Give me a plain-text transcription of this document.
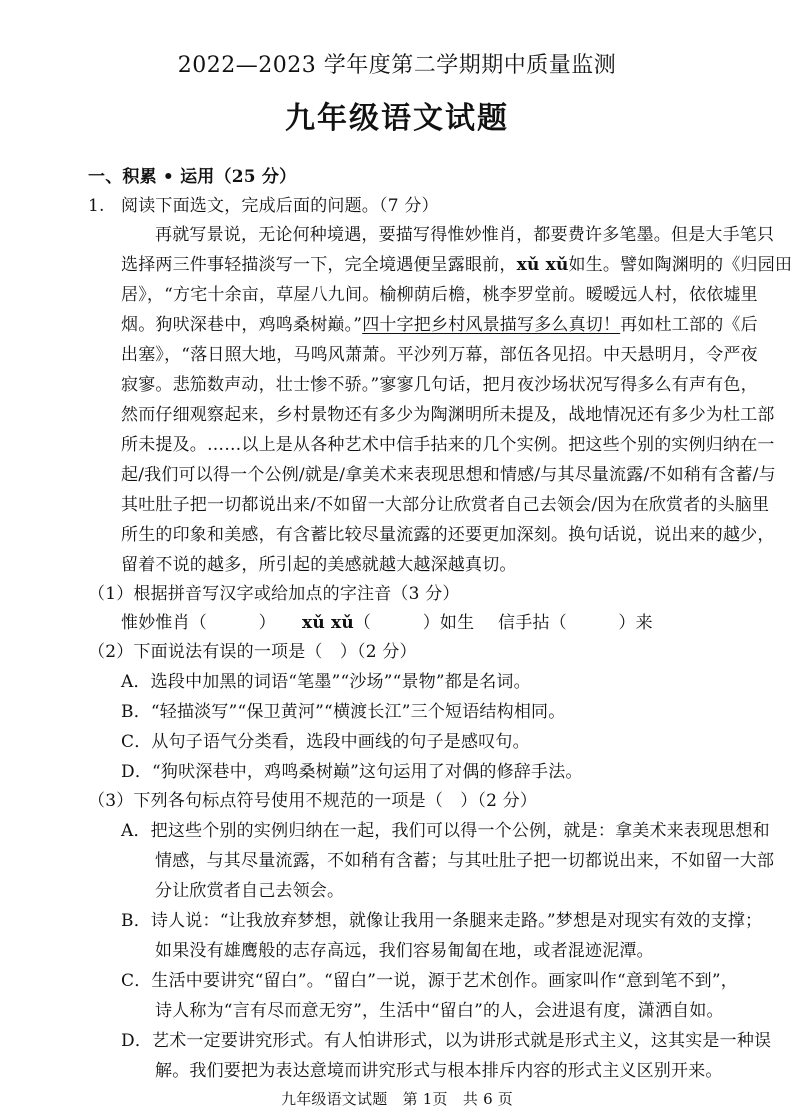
2022—2023 学年度第二学期期中质量监测
九年级语文试题
一、积累 • 运用（25 分）
1. 阅读下面选文，完成后面的问题。（7 分）
再就写景说，无论何种境遇，要描写得惟妙惟肖，都要费许多笔墨。但是大手笔只
选择两三件事轻描淡写一下，完全境遇便呈露眼前，xǔ xǔ如生。譬如陶渊明的《归园田
居》，“方宅十余亩，草屋八九间。榆柳荫后檐，桃李罗堂前。暧暧远人村，依依墟里
烟。狗吠深巷中，鸡鸣桑树巅。”四十字把乡村风景描写多么真切！再如杜工部的《后
出塞》，“落日照大地，马鸣风萧萧。平沙列万幕，部伍各见招。中天悬明月，令严夜
寂寥。悲笳数声动，壮士惨不骄。”寥寥几句话，把月夜沙场状况写得多么有声有色，
然而仔细观察起来，乡村景物还有多少为陶渊明所未提及，战地情况还有多少为杜工部
所未提及。……以上是从各种艺术中信手拈来的几个实例。把这些个别的实例归纳在一
起/我们可以得一个公例/就是/拿美术来表现思想和情感/与其尽量流露/不如稍有含蓄/与
其吐肚子把一切都说出来/不如留一大部分让欣赏者自己去领会/因为在欣赏者的头脑里
所生的印象和美感，有含蓄比较尽量流露的还要更加深刻。换句话说，说出来的越少，
留着不说的越多，所引起的美感就越大越深越真切。
（1）根据拼音写汉字或给加点的字注音（3 分）
惟妙惟肖（　　　） xǔ xǔ（　　　）如生 信手拈（　　　）来
（2）下面说法有误的一项是（　）（2 分）
A．选段中加黑的词语“笔墨”“沙场”“景物”都是名词。
B．“轻描淡写”“保卫黄河”“横渡长江”三个短语结构相同。
C．从句子语气分类看，选段中画线的句子是感叹句。
D．“狗吠深巷中，鸡鸣桑树巅”这句运用了对偶的修辞手法。
（3）下列各句标点符号使用不规范的一项是（　）（2 分）
A．把这些个别的实例归纳在一起，我们可以得一个公例，就是：拿美术来表现思想和
情感，与其尽量流露，不如稍有含蓄；与其吐肚子把一切都说出来，不如留一大部
分让欣赏者自己去领会。
B．诗人说：“让我放弃梦想，就像让我用一条腿来走路。”梦想是对现实有效的支撑；
如果没有雄鹰般的志存高远，我们容易匍匐在地，或者混迹泥潭。
C．生活中要讲究“留白”。“留白”一说，源于艺术创作。画家叫作“意到笔不到”，
诗人称为“言有尽而意无穷”，生活中“留白”的人，会进退有度，潇洒自如。
D．艺术一定要讲究形式。有人怕讲形式，以为讲形式就是形式主义，这其实是一种误
解。我们要把为表达意境而讲究形式与根本排斥内容的形式主义区别开来。
九年级语文试题　第 1页　共 6 页
